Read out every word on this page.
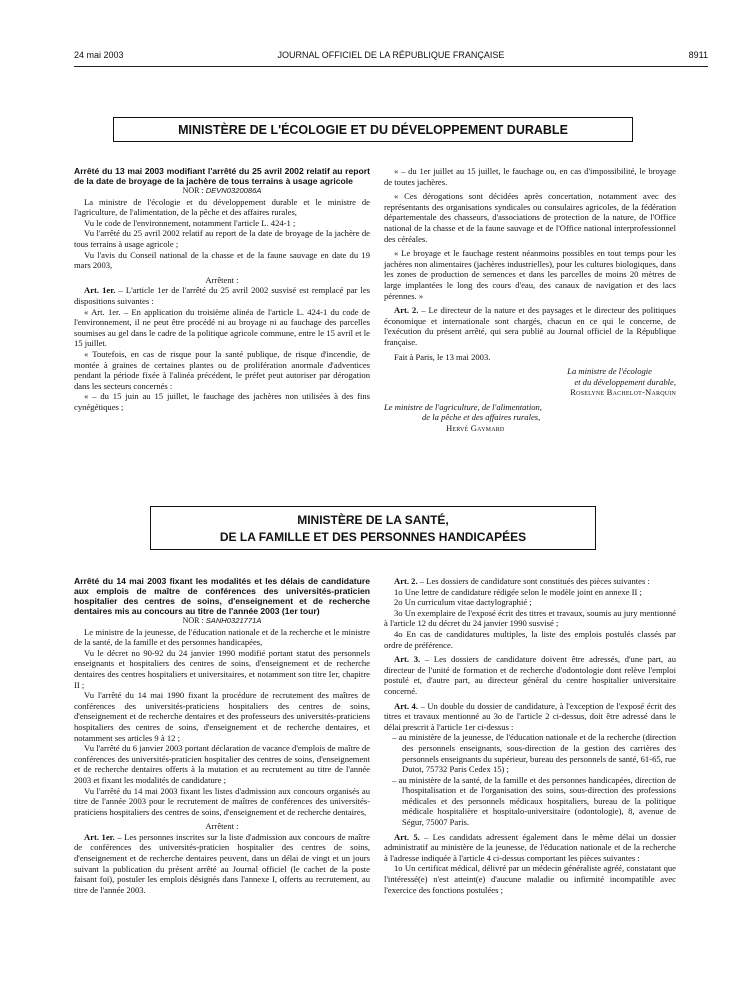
24 mai 2003	JOURNAL OFFICIEL DE LA RÉPUBLIQUE FRANÇAISE	8911
MINISTÈRE DE L'ÉCOLOGIE ET DU DÉVELOPPEMENT DURABLE

Arrêté du 13 mai 2003 modifiant l'arrêté du 25 avril 2002 relatif au report de la date de broyage de la jachère de tous terrains à usage agricole

NOR : DEVN0320086A

La ministre de l'écologie et du développement durable et le ministre de l'agriculture, de l'alimentation, de la pêche et des affaires rurales,

Vu le code de l'environnement, notamment l'article L. 424-1 ;

Vu l'arrêté du 25 avril 2002 relatif au report de la date de broyage de la jachère de tous terrains à usage agricole ;

Vu l'avis du Conseil national de la chasse et de la faune sauvage en date du 19 mars 2003,

Arrêtent :

Art. 1er. – L'article 1er de l'arrêté du 25 avril 2002 susvisé est remplacé par les dispositions suivantes :

« Art. 1er. – En application du troisième alinéa de l'article L. 424-1 du code de l'environnement, il ne peut être procédé ni au broyage ni au fauchage des parcelles soumises au gel dans le cadre de la politique agricole commune, entre le 15 avril et le 15 juillet.

« Toutefois, en cas de risque pour la santé publique, de risque d'incendie, de montée à graines de certaines plantes ou de prolifération anormale d'adventices pendant la période fixée à l'alinéa précédent, le préfet peut autoriser par dérogation dans les secteurs concernés :

« – du 15 juin au 15 juillet, le fauchage des jachères non utilisées à des fins cynégétiques ;

« – du 1er juillet au 15 juillet, le fauchage ou, en cas d'impossibilité, le broyage de toutes jachères.

« Ces dérogations sont décidées après concertation, notamment avec des représentants des organisations syndicales ou consulaires agricoles, de la fédération départementale des chasseurs, d'associations de protection de la nature, de l'Office national de la chasse et de la faune sauvage et de l'Office national interprofessionnel des céréales.

« Le broyage et le fauchage restent néanmoins possibles en tout temps pour les jachères non alimentaires (jachères industrielles), pour les cultures biologiques, dans les zones de production de semences et dans les parcelles de moins 20 mètres de large implantées le long des cours d'eau, des canaux de navigation et des lacs pérennes. »

Art. 2. – Le directeur de la nature et des paysages et le directeur des politiques économique et internationale sont chargés, chacun en ce qui le concerne, de l'exécution du présent arrêté, qui sera publié au Journal officiel de la République française.

Fait à Paris, le 13 mai 2003.

La ministre de l'écologie

et du développement durable,

Roselyne Bachelot-Narquin

Le ministre de l'agriculture, de l'alimentation,

de la pêche et des affaires rurales,

Hervé Gaymard

MINISTÈRE DE LA SANTÉ,
DE LA FAMILLE ET DES PERSONNES HANDICAPÉES

Arrêté du 14 mai 2003 fixant les modalités et les délais de candidature aux emplois de maître de conférences des universités-praticien hospitalier des centres de soins, d'enseignement et de recherche dentaires mis au concours au titre de l'année 2003 (1er tour)

NOR : SANH0321771A

Le ministre de la jeunesse, de l'éducation nationale et de la recherche et le ministre de la santé, de la famille et des personnes handicapées,

Vu le décret no 90-92 du 24 janvier 1990 modifié portant statut des personnels enseignants et hospitaliers des centres de soins, d'enseignement et de recherche dentaires des centres hospitaliers et universitaires, et notamment son titre Ier, chapitre II ;

Vu l'arrêté du 14 mai 1990 fixant la procédure de recrutement des maîtres de conférences des universités-praticiens hospitaliers des centres de soins, d'enseignement et de recherche dentaires et des professeurs des universités-praticiens hospitaliers des centres de soins, d'enseignement et de recherche dentaires, et notamment ses articles 9 à 12 ;

Vu l'arrêté du 6 janvier 2003 portant déclaration de vacance d'emplois de maître de conférences des universités-praticien hospitalier des centres de soins, d'enseignement et de recherche dentaires offerts à la mutation et au recrutement au titre de l'année 2003 et fixant les modalités de candidature ;

Vu l'arrêté du 14 mai 2003 fixant les listes d'admission aux concours organisés au titre de l'année 2003 pour le recrutement de maîtres de conférences des universités-praticiens hospitaliers des centres de soins, d'enseignement et de recherche dentaires,

Arrêtent :

Art. 1er. – Les personnes inscrites sur la liste d'admission aux concours de maître de conférences des universités-praticien hospitalier des centres de soins, d'enseignement et de recherche dentaires peuvent, dans un délai de vingt et un jours suivant la publication du présent arrêté au Journal officiel (le cachet de la poste faisant foi), postuler les emplois désignés dans l'annexe I, offerts au recrutement, au titre de l'année 2003.

Art. 2. – Les dossiers de candidature sont constitués des pièces suivantes :

1o Une lettre de candidature rédigée selon le modèle joint en annexe II ;

2o Un curriculum vitae dactylographié ;

3o Un exemplaire de l'exposé écrit des titres et travaux, soumis au jury mentionné à l'article 12 du décret du 24 janvier 1990 susvisé ;

4o En cas de candidatures multiples, la liste des emplois postulés classés par ordre de préférence.

Art. 3. – Les dossiers de candidature doivent être adressés, d'une part, au directeur de l'unité de formation et de recherche d'odontologie dont relève l'emploi postulé et, d'autre part, au directeur général du centre hospitalier universitaire concerné.

Art. 4. – Un double du dossier de candidature, à l'exception de l'exposé écrit des titres et travaux mentionné au 3o de l'article 2 ci-dessus, doit être adressé dans le délai prescrit à l'article 1er ci-dessus :

– au ministère de la jeunesse, de l'éducation nationale et de la recherche (direction des personnels enseignants, sous-direction de la gestion des carrières des personnels enseignants du supérieur, bureau des personnels de santé, 61-65, rue Dutot, 75732 Paris Cedex 15) ;

– au ministère de la santé, de la famille et des personnes handicapées, direction de l'hospitalisation et de l'organisation des soins, sous-direction des professions médicales et des personnels médicaux hospitaliers, bureau de la politique médicale hospitalière et hospitalo-universitaire (odontologie), 8, avenue de Ségur, 75007 Paris.

Art. 5. – Les candidats adressent également dans le même délai un dossier administratif au ministère de la jeunesse, de l'éducation nationale et de la recherche à l'adresse indiquée à l'article 4 ci-dessus comportant les pièces suivantes :

1o Un certificat médical, délivré par un médecin généraliste agréé, constatant que l'intéressé(e) n'est atteint(e) d'aucune maladie ou infirmité incompatible avec l'exercice des fonctions postulées ;
